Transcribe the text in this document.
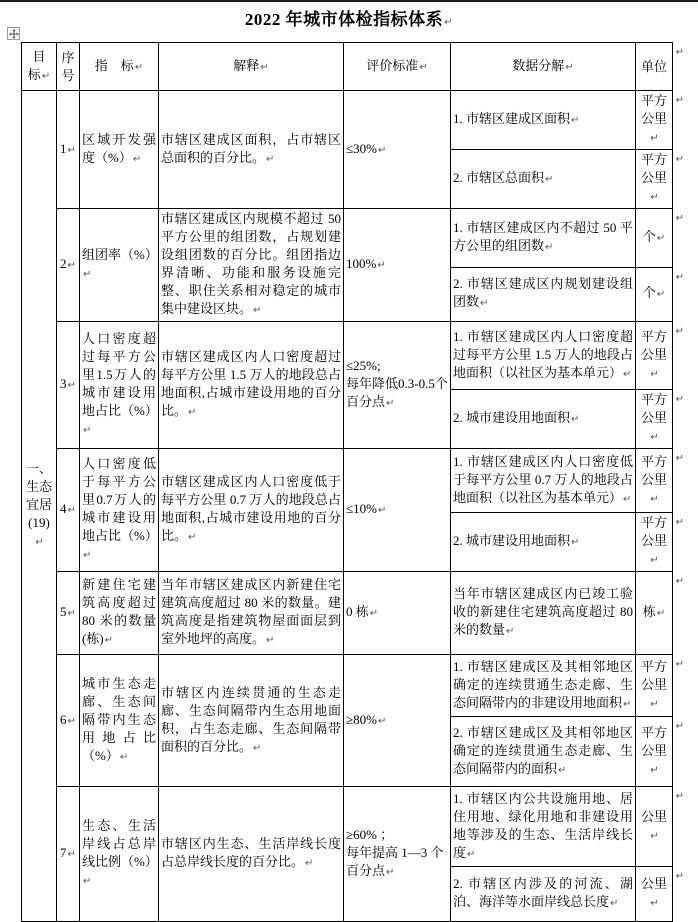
2022 年城市体检指标体系 ↵
目
标 ↵	序
号	指　标 ↵	解释 ↵	评价标准 ↵	数据分解 ↵	单位 ↵
一、
生态
宜居
(19) ↵	1 ↵	区域开发强度（%） ↵	市辖区建成区面积，占市辖区总面积的百分比。 ↵	≤30% ↵	1. 市辖区建成区面积 ↵	平方公里 ↵ ↵
					2. 市辖区总面积 ↵	平方公里 ↵ ↵
	2 ↵	组团率（%） ↵	市辖区建成区内规模不超过 50 平方公里的组团数，占规划建设组团数的百分比。组团指边界清晰、功能和服务设施完整、职住关系相对稳定的城市集中建设区块。 ↵	100% ↵	1. 市辖区建成区内不超过 50 平方公里的组团数 ↵	个 ↵ ↵
					2. 市辖区建成区内规划建设组团数 ↵	个 ↵ ↵
	3 ↵	人口密度超过每平方公里1.5万人的城市建设用地占比（%） ↵	市辖区建成区内人口密度超过每平方公里 1.5 万人的地段总占地面积,占城市建设用地的百分比。 ↵	≤25%;
每年降低0.3-0.5个百分点 ↵	1. 市辖区建成区内人口密度超过每平方公里 1.5 万人的地段占地面积（以社区为基本单元） ↵	平方公里 ↵ ↵
					2. 城市建设用地面积 ↵	平方公里 ↵ ↵
	4 ↵	人口密度低于每平方公里0.7万人的城市建设用地占比（%） ↵	市辖区建成区内人口密度低于每平方公里 0.7 万人的地段总占地面积,占城市建设用地的百分比。 ↵	≤10% ↵	1. 市辖区建成区内人口密度低于每平方公里 0.7 万人的地段占地面积（以社区为基本单元） ↵	平方公里 ↵ ↵
					2. 城市建设用地面积 ↵	平方公里 ↵ ↵
	5 ↵	新建住宅建筑高度超过 80 米的数量(栋) ↵	当年市辖区建成区内新建住宅建筑高度超过 80 米的数量。建筑高度是指建筑物屋面面层到室外地坪的高度。 ↵	0 栋 ↵	当年市辖区建成区内已竣工验收的新建住宅建筑高度超过 80 米的数量 ↵	栋 ↵ ↵
	6 ↵	城市生态走廊、生态间隔带内生态用地占比（%） ↵	市辖区内连续贯通的生态走廊、生态间隔带内生态用地面积，占生态走廊、生态间隔带面积的百分比。 ↵	≥80% ↵	1. 市辖区建成区及其相邻地区确定的连续贯通生态走廊、生态间隔带内的非建设用地面积 ↵	平方公里 ↵ ↵
					2. 市辖区建成区及其相邻地区确定的连续贯通生态走廊、生态间隔带内的面积 ↵	平方公里 ↵ ↵
	7 ↵	生态、生活岸线占总岸线比例（%） ↵	市辖区内生态、生活岸线长度占总岸线长度的百分比。 ↵	≥60% ；
每年提高 1—3 个百分点 ↵	1. 市辖区内公共设施用地、居住用地、绿化用地和非建设用地等涉及的生态、生活岸线长度 ↵	公里 ↵ ↵
					2. 市辖区内涉及的河流、湖泊、海洋等水面岸线总长度 ↵	公里 ↵ ↵
